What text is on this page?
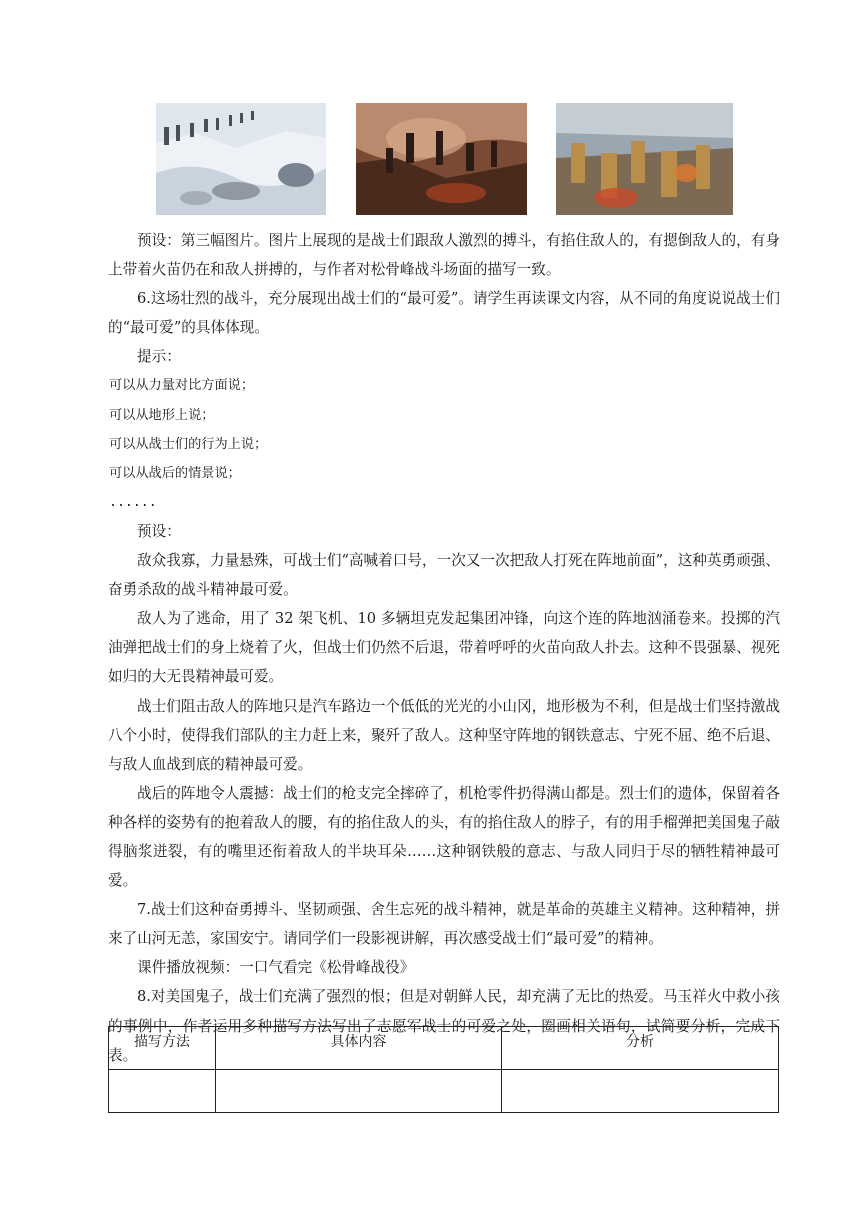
预设：第三幅图片。图片上展现的是战士们跟敌人激烈的搏斗，有掐住敌人的，有摁倒敌人的，有身上带着火苗仍在和敌人拼搏的，与作者对松骨峰战斗场面的描写一致。

6.这场壮烈的战斗，充分展现出战士们的“最可爱”。请学生再读课文内容，从不同的角度说说战士们的“最可爱”的具体体现。

提示：

可以从力量对比方面说；

可以从地形上说；

可以从战士们的行为上说；

可以从战后的情景说；

......

预设：

敌众我寡，力量悬殊，可战士们“高喊着口号，一次又一次把敌人打死在阵地前面”，这种英勇顽强、奋勇杀敌的战斗精神最可爱。

敌人为了逃命，用了 32 架飞机、10 多辆坦克发起集团冲锋，向这个连的阵地汹涌卷来。投掷的汽油弹把战士们的身上烧着了火，但战士们仍然不后退，带着呼呼的火苗向敌人扑去。这种不畏强暴、视死如归的大无畏精神最可爱。

战士们阻击敌人的阵地只是汽车路边一个低低的光光的小山冈，地形极为不利，但是战士们坚持激战八个小时，使得我们部队的主力赶上来，聚歼了敌人。这种坚守阵地的钢铁意志、宁死不屈、绝不后退、与敌人血战到底的精神最可爱。

战后的阵地令人震撼：战士们的枪支完全摔碎了，机枪零件扔得满山都是。烈士们的遗体，保留着各种各样的姿势有的抱着敌人的腰，有的掐住敌人的头，有的掐住敌人的脖子，有的用手榴弹把美国鬼子敲得脑浆迸裂，有的嘴里还衔着敌人的半块耳朵……这种钢铁般的意志、与敌人同归于尽的牺牲精神最可爱。

7.战士们这种奋勇搏斗、坚韧顽强、舍生忘死的战斗精神，就是革命的英雄主义精神。这种精神，拼来了山河无恙，家国安宁。请同学们一段影视讲解，再次感受战士们“最可爱”的精神。

课件播放视频：一口气看完《松骨峰战役》

8.对美国鬼子，战士们充满了强烈的恨；但是对朝鲜人民，却充满了无比的热爱。马玉祥火中救小孩的事例中，作者运用多种描写方法写出了志愿军战士的可爱之处，圈画相关语句，试简要分析，完成下表。

描写方法	具体内容	分析
